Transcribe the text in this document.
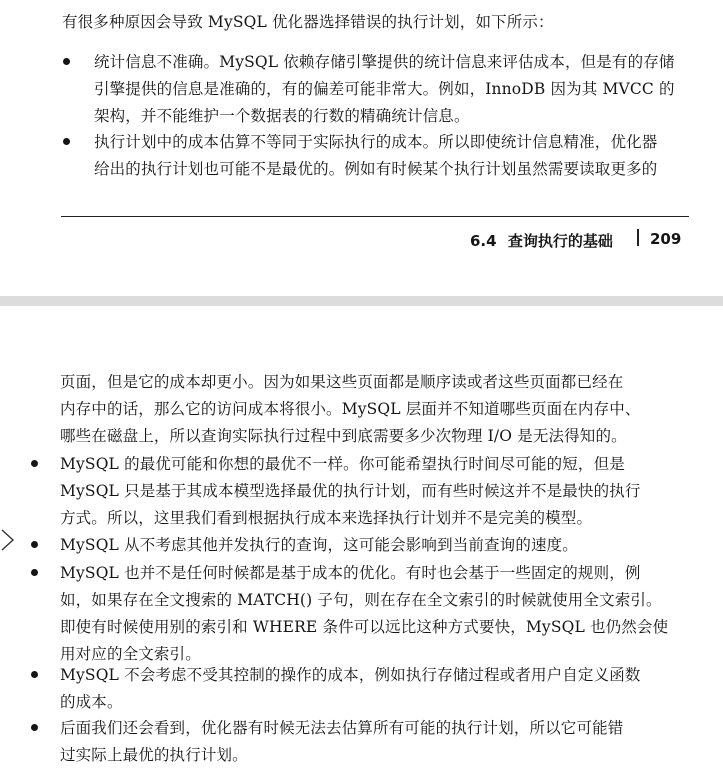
有很多种原因会导致 MySQL 优化器选择错误的执行计划，如下所示：
统计信息不准确。MySQL 依赖存储引擎提供的统计信息来评估成本，但是有的存储
引擎提供的信息是准确的，有的偏差可能非常大。例如，InnoDB 因为其 MVCC 的
架构，并不能维护一个数据表的行数的精确统计信息。
执行计划中的成本估算不等同于实际执行的成本。所以即使统计信息精准，优化器
给出的执行计划也可能不是最优的。例如有时候某个执行计划虽然需要读取更多的
6.4 查询执行的基础 209
页面，但是它的成本却更小。因为如果这些页面都是顺序读或者这些页面都已经在
内存中的话，那么它的访问成本将很小。MySQL 层面并不知道哪些页面在内存中、
哪些在磁盘上，所以查询实际执行过程中到底需要多少次物理 I/O 是无法得知的。
MySQL 的最优可能和你想的最优不一样。你可能希望执行时间尽可能的短，但是
MySQL 只是基于其成本模型选择最优的执行计划，而有些时候这并不是最快的执行
方式。所以，这里我们看到根据执行成本来选择执行计划并不是完美的模型。
MySQL 从不考虑其他并发执行的查询，这可能会影响到当前查询的速度。
MySQL 也并不是任何时候都是基于成本的优化。有时也会基于一些固定的规则，例
如，如果存在全文搜索的 MATCH() 子句，则在存在全文索引的时候就使用全文索引。
即使有时候使用别的索引和 WHERE 条件可以远比这种方式要快，MySQL 也仍然会使
用对应的全文索引。
MySQL 不会考虑不受其控制的操作的成本，例如执行存储过程或者用户自定义函数
的成本。
后面我们还会看到，优化器有时候无法去估算所有可能的执行计划，所以它可能错
过实际上最优的执行计划。
